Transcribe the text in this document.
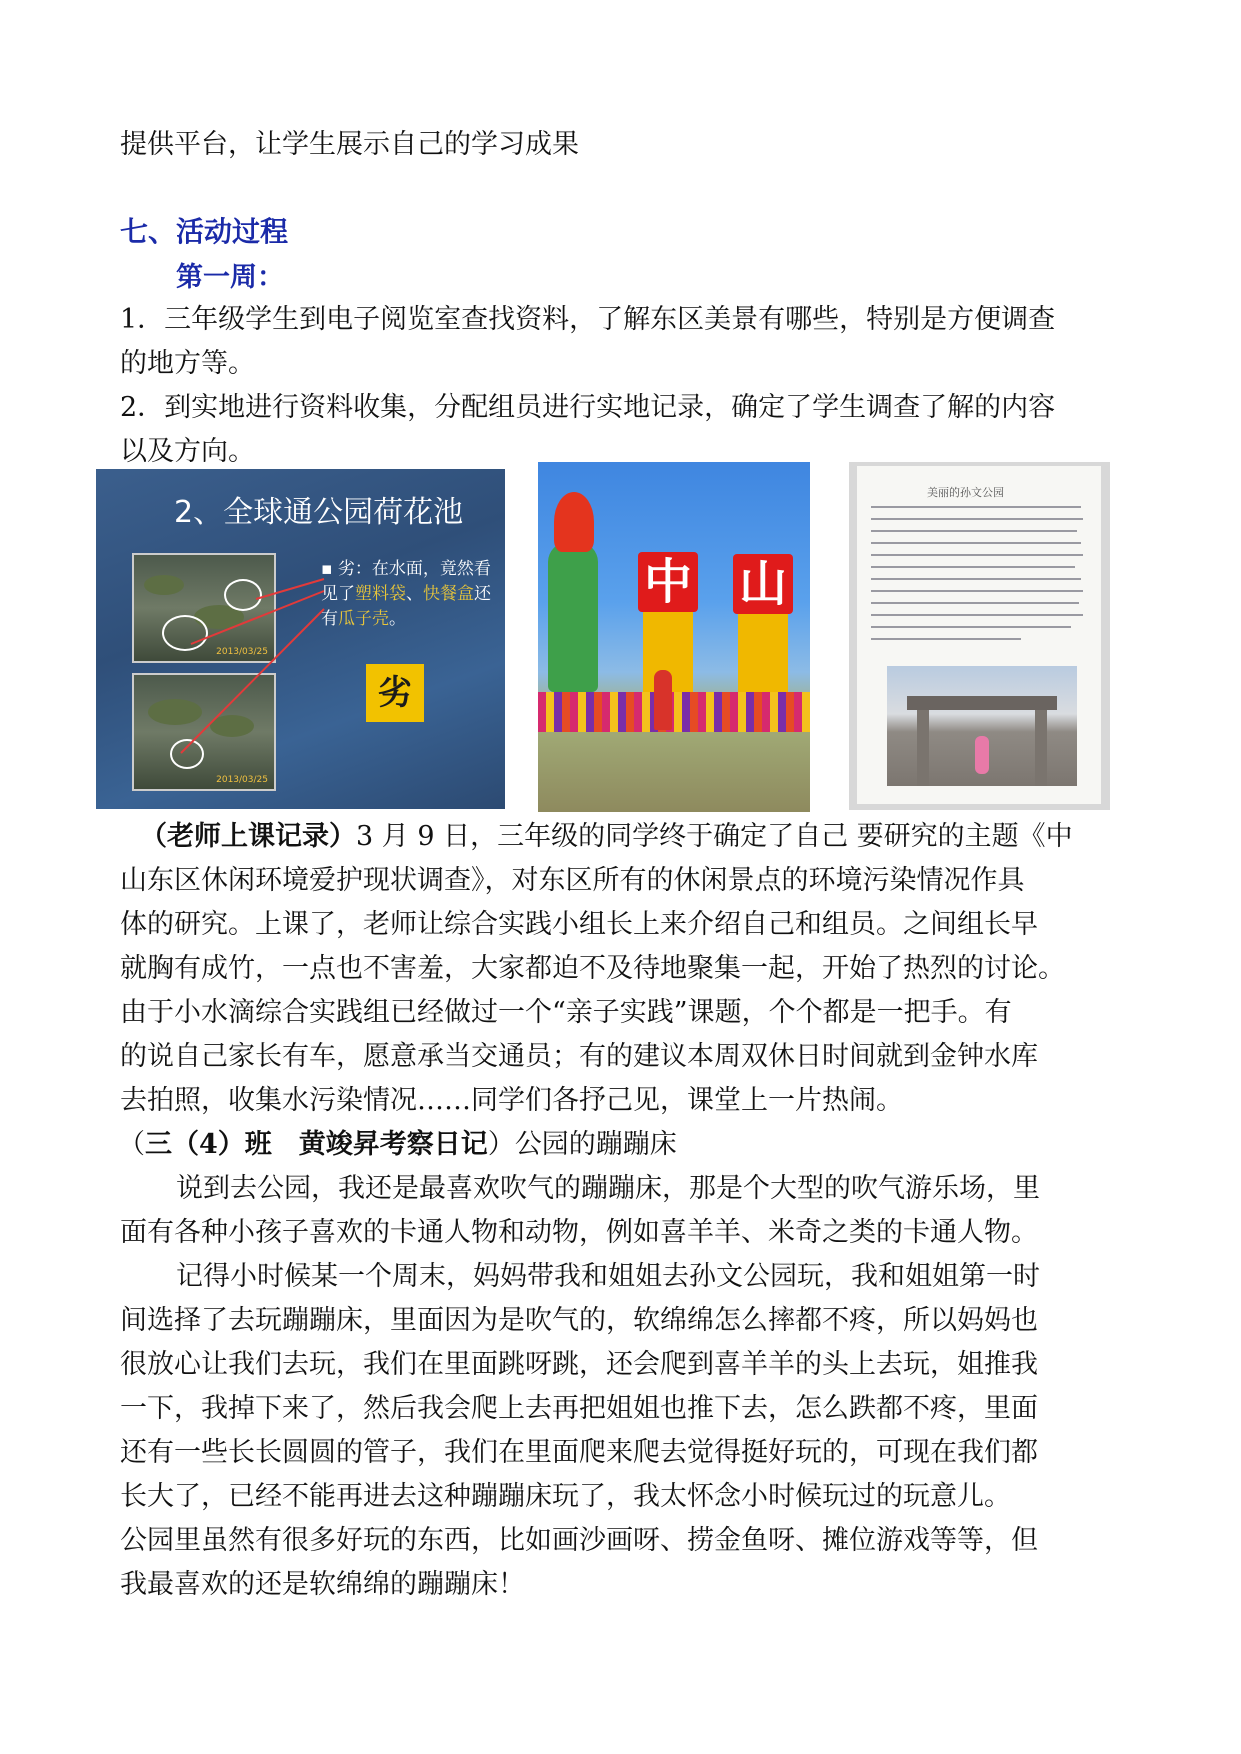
提供平台，让学生展示自己的学习成果
七、活动过程
第一周：
1．三年级学生到电子阅览室查找资料，了解东区美景有哪些，特别是方便调查
的地方等。
2．到实地进行资料收集，分配组员进行实地记录，确定了学生调查了解的内容
以及方向。
2、全球通公园荷花池
2013/03/25
2013/03/25
▪ 劣：在水面，竟然看见了塑料袋、快餐盒还有瓜子壳。
劣
中 山
美丽的孙文公园
（老师上课记录）3 月 9 日，三年级的同学终于确定了自己 要研究的主题《中
山东区休闲环境爱护现状调查》，对东区所有的休闲景点的环境污染情况作具
体的研究。上课了，老师让综合实践小组长上来介绍自己和组员。之间组长早
就胸有成竹，一点也不害羞，大家都迫不及待地聚集一起，开始了热烈的讨论。
由于小水滴综合实践组已经做过一个“亲子实践”课题，个个都是一把手。有
的说自己家长有车，愿意承当交通员；有的建议本周双休日时间就到金钟水库
去拍照，收集水污染情况……同学们各抒己见，课堂上一片热闹。
（三（4）班　黄竣昇考察日记）公园的蹦蹦床
说到去公园，我还是最喜欢吹气的蹦蹦床，那是个大型的吹气游乐场，里
面有各种小孩子喜欢的卡通人物和动物，例如喜羊羊、米奇之类的卡通人物。
记得小时候某一个周末，妈妈带我和姐姐去孙文公园玩，我和姐姐第一时
间选择了去玩蹦蹦床，里面因为是吹气的，软绵绵怎么摔都不疼，所以妈妈也
很放心让我们去玩，我们在里面跳呀跳，还会爬到喜羊羊的头上去玩，姐推我
一下，我掉下来了，然后我会爬上去再把姐姐也推下去，怎么跌都不疼，里面
还有一些长长圆圆的管子，我们在里面爬来爬去觉得挺好玩的，可现在我们都
长大了，已经不能再进去这种蹦蹦床玩了，我太怀念小时候玩过的玩意儿。
公园里虽然有很多好玩的东西，比如画沙画呀、捞金鱼呀、摊位游戏等等，但
我最喜欢的还是软绵绵的蹦蹦床！
